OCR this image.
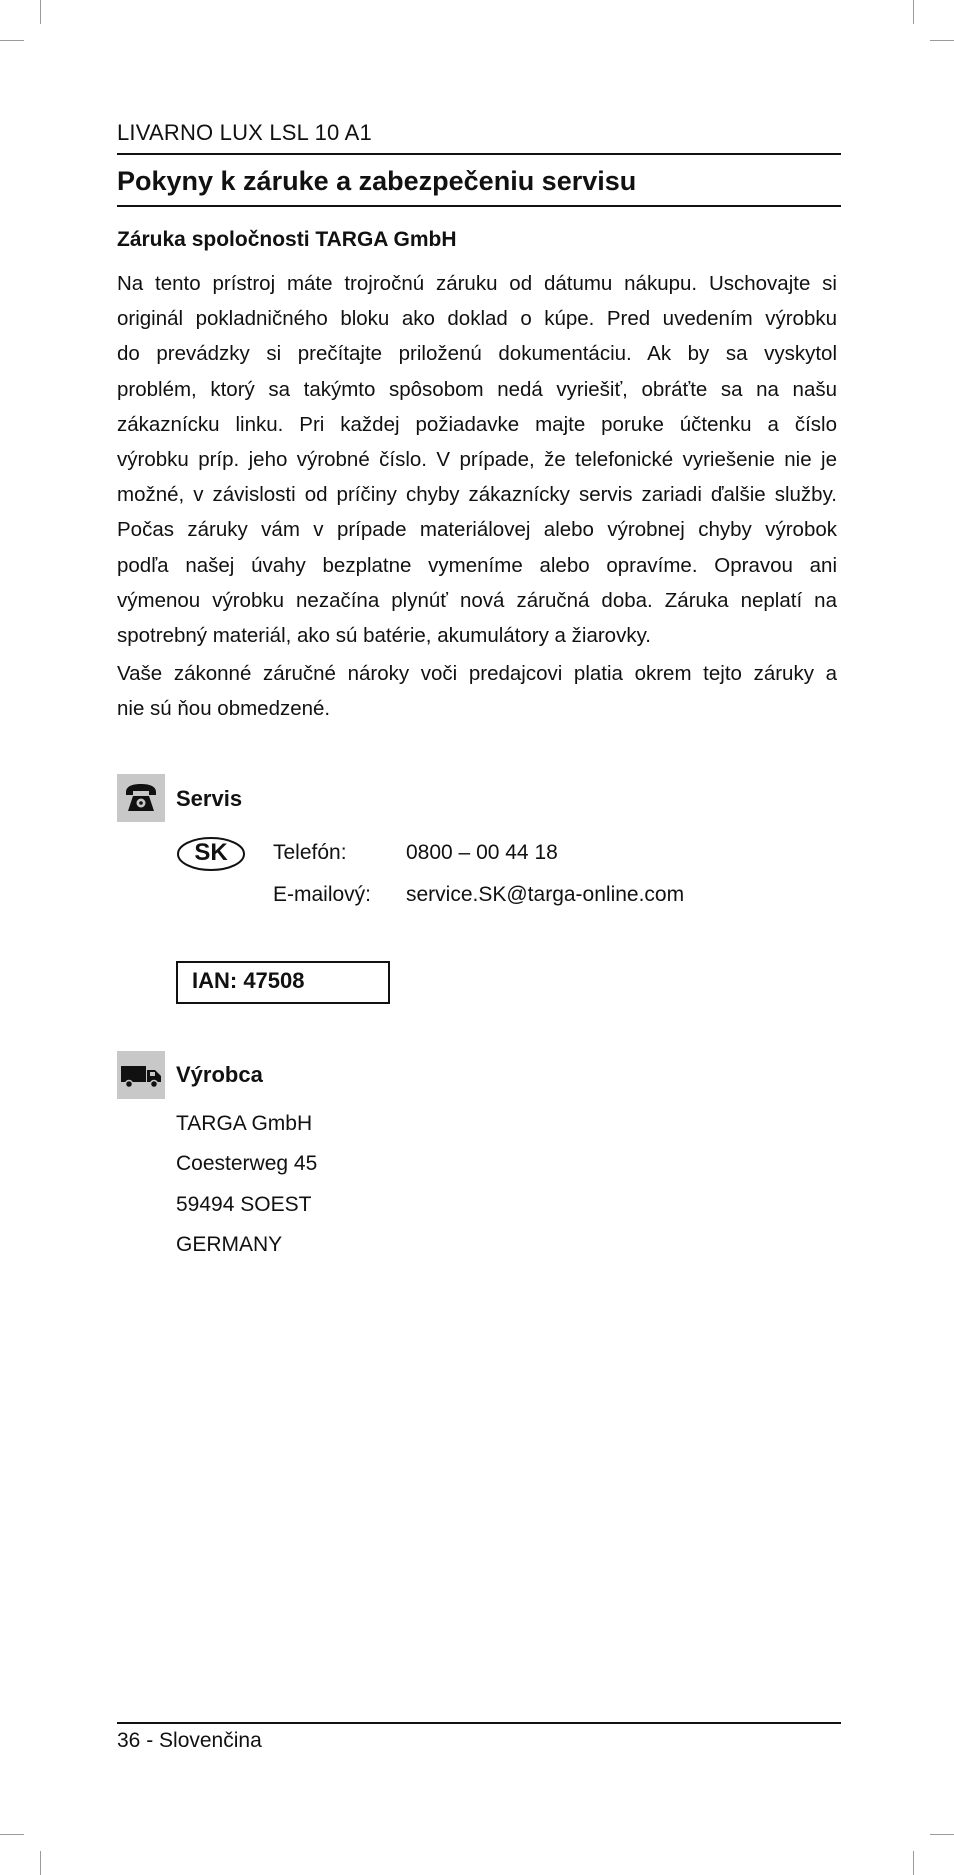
LIVARNO LUX LSL 10 A1
Pokyny k záruke a zabezpečeniu servisu
Záruka spoločnosti TARGA GmbH
Na tento prístroj máte trojročnú záruku od dátumu nákupu. Uschovajte si
originál pokladničného bloku ako doklad o kúpe. Pred uvedením výrobku
do prevádzky si prečítajte priloženú dokumentáciu. Ak by sa vyskytol
problém, ktorý sa takýmto spôsobom nedá vyriešiť, obráťte sa na našu
zákaznícku linku. Pri každej požiadavke majte poruke účtenku a číslo
výrobku príp. jeho výrobné číslo. V prípade, že telefonické vyriešenie nie je
možné, v závislosti od príčiny chyby zákaznícky servis zariadi ďalšie služby.
Počas záruky vám v prípade materiálovej alebo výrobnej chyby výrobok
podľa našej úvahy bezplatne vymeníme alebo opravíme. Opravou ani
výmenou výrobku nezačína plynúť nová záručná doba. Záruka neplatí na
spotrebný materiál, ako sú batérie, akumulátory a žiarovky.
Vaše zákonné záručné nároky voči predajcovi platia okrem tejto záruky a
nie sú ňou obmedzené.
Servis
SK	Telefón:	0800 – 00 44 18
E-mailový: service.SK@targa-online.com
IAN: 47508
Výrobca
TARGA GmbH
Coesterweg 45
59494 SOEST
GERMANY
36 - Slovenčina
